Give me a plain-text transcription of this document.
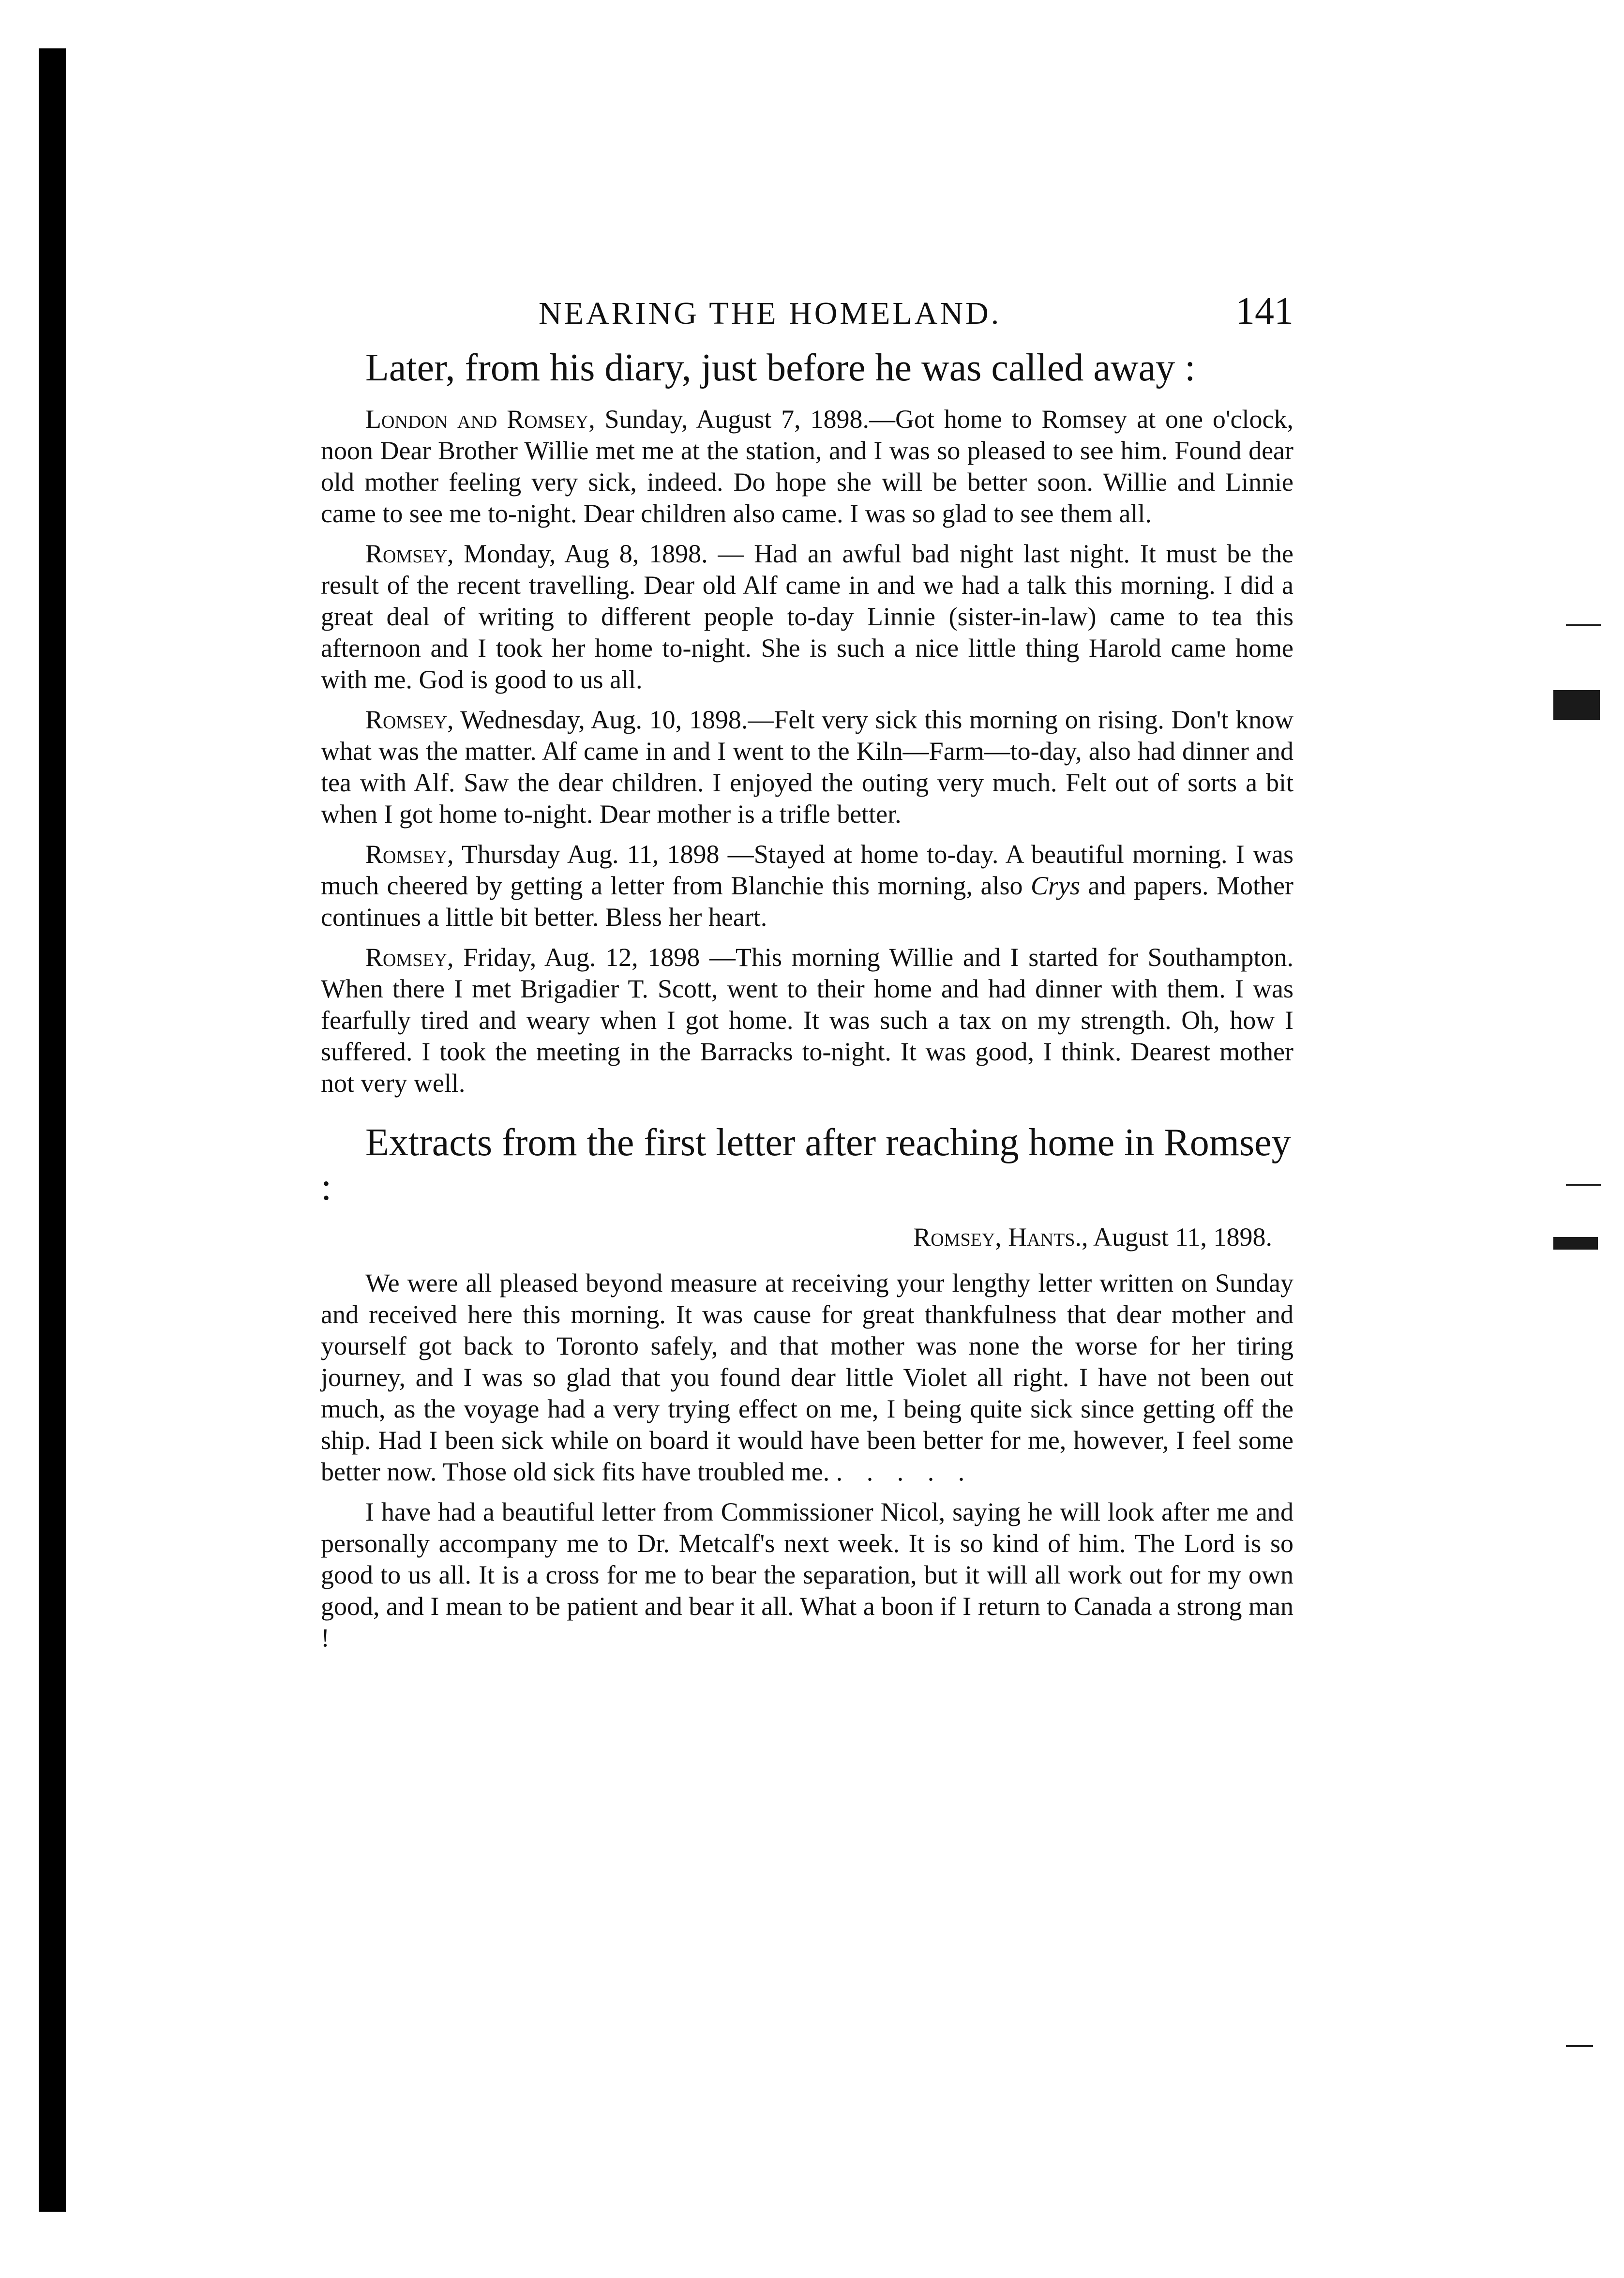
NEARING THE HOMELAND.	141
Later, from his diary, just before he was called away :

London and Romsey, Sunday, August 7, 1898.—Got home to Romsey at one o'clock, noon Dear Brother Willie met me at the station, and I was so pleased to see him. Found dear old mother feeling very sick, indeed. Do hope she will be better soon. Willie and Linnie came to see me to-night. Dear children also came. I was so glad to see them all.

Romsey, Monday, Aug 8, 1898. — Had an awful bad night last night. It must be the result of the recent travelling. Dear old Alf came in and we had a talk this morning. I did a great deal of writing to different people to-day Linnie (sister-in-law) came to tea this afternoon and I took her home to-night. She is such a nice little thing Harold came home with me. God is good to us all.

Romsey, Wednesday, Aug. 10, 1898.—Felt very sick this morning on rising. Don't know what was the matter. Alf came in and I went to the Kiln—Farm—to-day, also had dinner and tea with Alf. Saw the dear children. I enjoyed the outing very much. Felt out of sorts a bit when I got home to-night. Dear mother is a trifle better.

Romsey, Thursday Aug. 11, 1898 —Stayed at home to-day. A beautiful morning. I was much cheered by getting a letter from Blanchie this morning, also Crys and papers. Mother continues a little bit better. Bless her heart.

Romsey, Friday, Aug. 12, 1898 —This morning Willie and I started for Southampton. When there I met Brigadier T. Scott, went to their home and had dinner with them. I was fearfully tired and weary when I got home. It was such a tax on my strength. Oh, how I suffered. I took the meeting in the Barracks to-night. It was good, I think. Dearest mother not very well.

Extracts from the first letter after reaching home in Romsey :
Romsey, Hants., August 11, 1898.

We were all pleased beyond measure at receiving your lengthy letter written on Sunday and received here this morning. It was cause for great thankfulness that dear mother and yourself got back to Toronto safely, and that mother was none the worse for her tiring journey, and I was so glad that you found dear little Violet all right. I have not been out much, as the voyage had a very trying effect on me, I being quite sick since getting off the ship. Had I been sick while on board it would have been better for me, however, I feel some better now. Those old sick fits have troubled me. . . . . .

I have had a beautiful letter from Commissioner Nicol, saying he will look after me and personally accompany me to Dr. Metcalf's next week. It is so kind of him. The Lord is so good to us all. It is a cross for me to bear the separation, but it will all work out for my own good, and I mean to be patient and bear it all. What a boon if I return to Canada a strong man !
